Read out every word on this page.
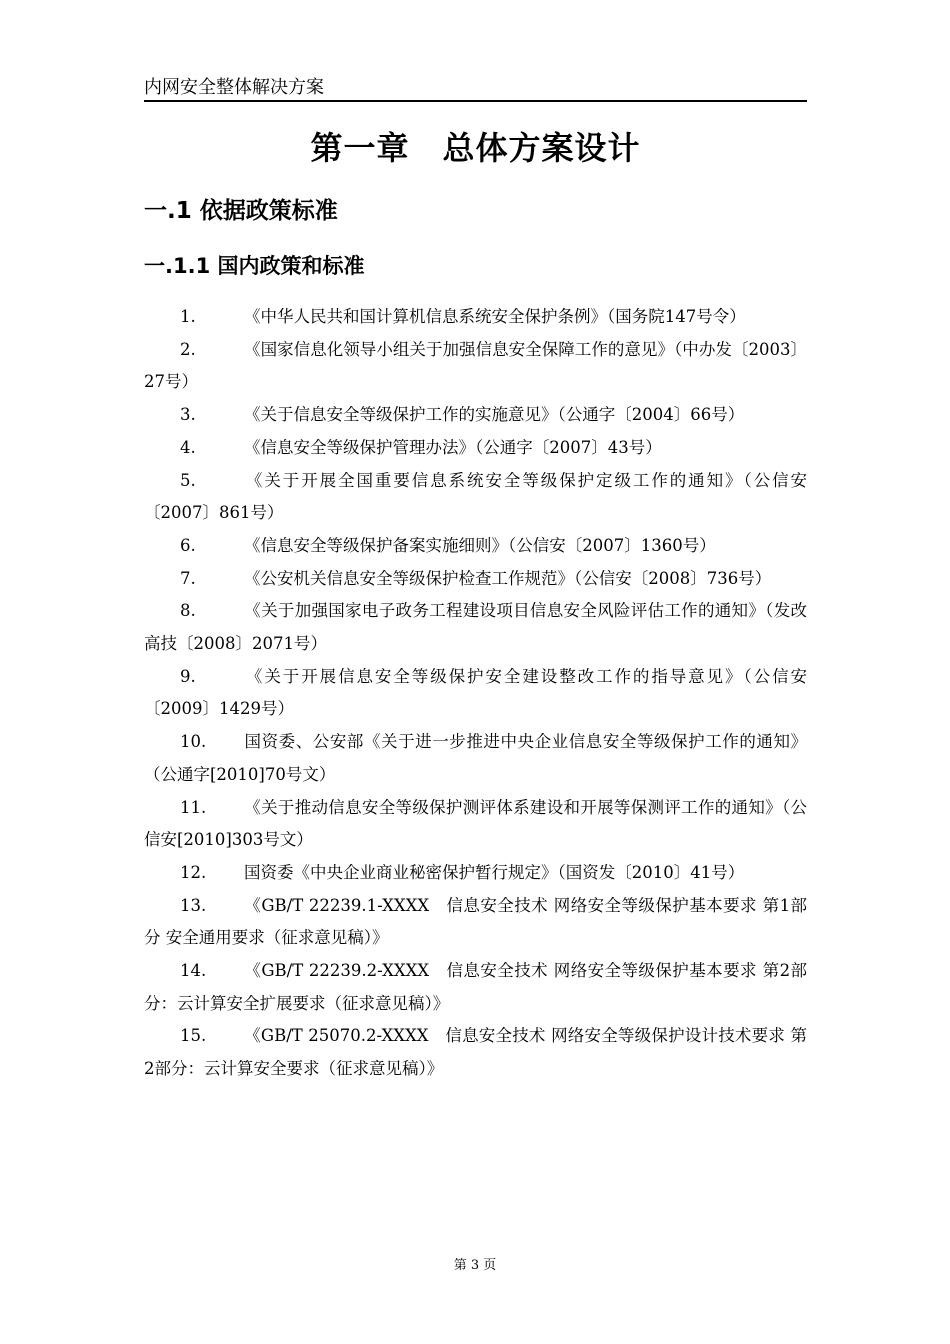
内网安全整体解决方案
第一章　总体方案设计
一.1 依据政策标准
一.1.1 国内政策和标准
1.	《中华人民共和国计算机信息系统安全保护条例》（国务院147号令）
2.	《国家信息化领导小组关于加强信息安全保障工作的意见》（中办发〔2003〕27号）
3.	《关于信息安全等级保护工作的实施意见》（公通字〔2004〕66号）
4.	《信息安全等级保护管理办法》（公通字〔2007〕43号）
5.	《关于开展全国重要信息系统安全等级保护定级工作的通知》（公信安〔2007〕861号）
6.	《信息安全等级保护备案实施细则》（公信安〔2007〕1360号）
7.	《公安机关信息安全等级保护检查工作规范》（公信安〔2008〕736号）
8.	《关于加强国家电子政务工程建设项目信息安全风险评估工作的通知》（发改高技〔2008〕2071号）
9.	《关于开展信息安全等级保护安全建设整改工作的指导意见》（公信安〔2009〕1429号）
10. 国资委、公安部《关于进一步推进中央企业信息安全等级保护工作的通知》（公通字[2010]70号文）
11. 《关于推动信息安全等级保护测评体系建设和开展等保测评工作的通知》（公信安[2010]303号文）
12. 国资委《中央企业商业秘密保护暂行规定》（国资发〔2010〕41号）
13. 《GB/T 22239.1-XXXX　信息安全技术 网络安全等级保护基本要求 第1部分 安全通用要求（征求意见稿）》
14. 《GB/T 22239.2-XXXX　信息安全技术 网络安全等级保护基本要求 第2部分：云计算安全扩展要求（征求意见稿）》
15. 《GB/T 25070.2-XXXX　信息安全技术 网络安全等级保护设计技术要求 第2部分：云计算安全要求（征求意见稿）》
第 3 页
